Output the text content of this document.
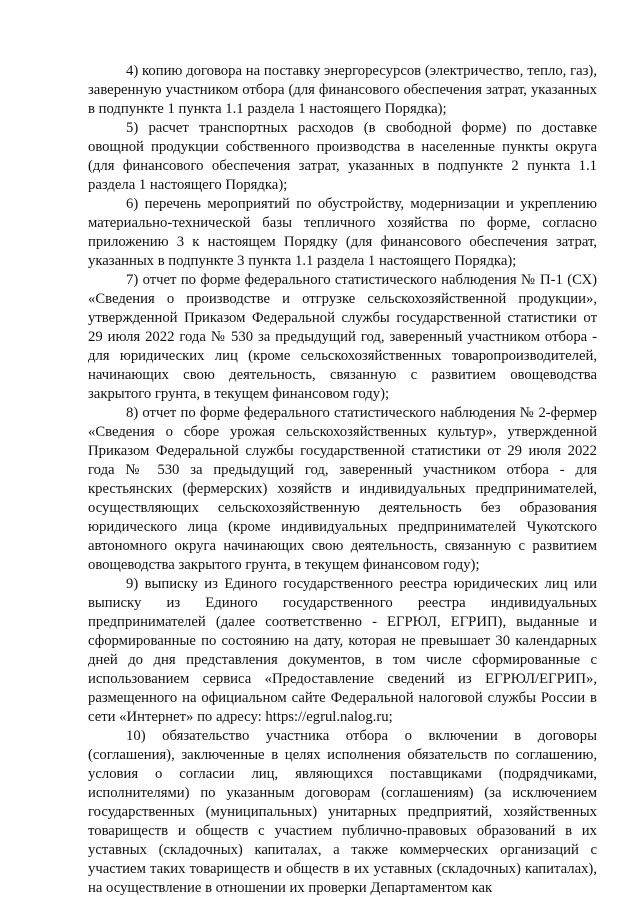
4) копию договора на поставку энергоресурсов (электричество, тепло, газ), заверенную участником отбора (для финансового обеспечения затрат, указанных в подпункте 1 пункта 1.1 раздела 1 настоящего Порядка);

5) расчет транспортных расходов (в свободной форме) по доставке овощной продукции собственного производства в населенные пункты округа (для финансового обеспечения затрат, указанных в подпункте 2 пункта 1.1 раздела 1 настоящего Порядка);

6) перечень мероприятий по обустройству, модернизации и укреплению материально-технической базы тепличного хозяйства по форме, согласно приложению 3 к настоящем Порядку (для финансового обеспечения затрат, указанных в подпункте 3 пункта 1.1 раздела 1 настоящего Порядка);

7) отчет по форме федерального статистического наблюдения № П-1 (СХ) «Сведения о производстве и отгрузке сельскохозяйственной продукции», утвержденной Приказом Федеральной службы государственной статистики от 29 июля 2022 года № 530 за предыдущий год, заверенный участником отбора - для юридических лиц (кроме сельскохозяйственных товаропроизводителей, начинающих свою деятельность, связанную с развитием овощеводства закрытого грунта, в текущем финансовом году);

8) отчет по форме федерального статистического наблюдения № 2-фермер «Сведения о сборе урожая сельскохозяйственных культур», утвержденной Приказом Федеральной службы государственной статистики от 29 июля 2022 года № 530 за предыдущий год, заверенный участником отбора - для крестьянских (фермерских) хозяйств и индивидуальных предпринимателей, осуществляющих сельскохозяйственную деятельность без образования юридического лица (кроме индивидуальных предпринимателей Чукотского автономного округа начинающих свою деятельность, связанную с развитием овощеводства закрытого грунта, в текущем финансовом году);

9) выписку из Единого государственного реестра юридических лиц или выписку из Единого государственного реестра индивидуальных предпринимателей (далее соответственно - ЕГРЮЛ, ЕГРИП), выданные и сформированные по состоянию на дату, которая не превышает 30 календарных дней до дня представления документов, в том числе сформированные с использованием сервиса «Предоставление сведений из ЕГРЮЛ/ЕГРИП», размещенного на официальном сайте Федеральной налоговой службы России в сети «Интернет» по адресу: https://egrul.nalog.ru;

10) обязательство участника отбора о включении в договоры (соглашения), заключенные в целях исполнения обязательств по соглашению, условия о согласии лиц, являющихся поставщиками (подрядчиками, исполнителями) по указанным договорам (соглашениям) (за исключением государственных (муниципальных) унитарных предприятий, хозяйственных товариществ и обществ с участием публично-правовых образований в их уставных (складочных) капиталах, а также коммерческих организаций с участием таких товариществ и обществ в их уставных (складочных) капиталах), на осуществление в отношении их проверки Департаментом как
